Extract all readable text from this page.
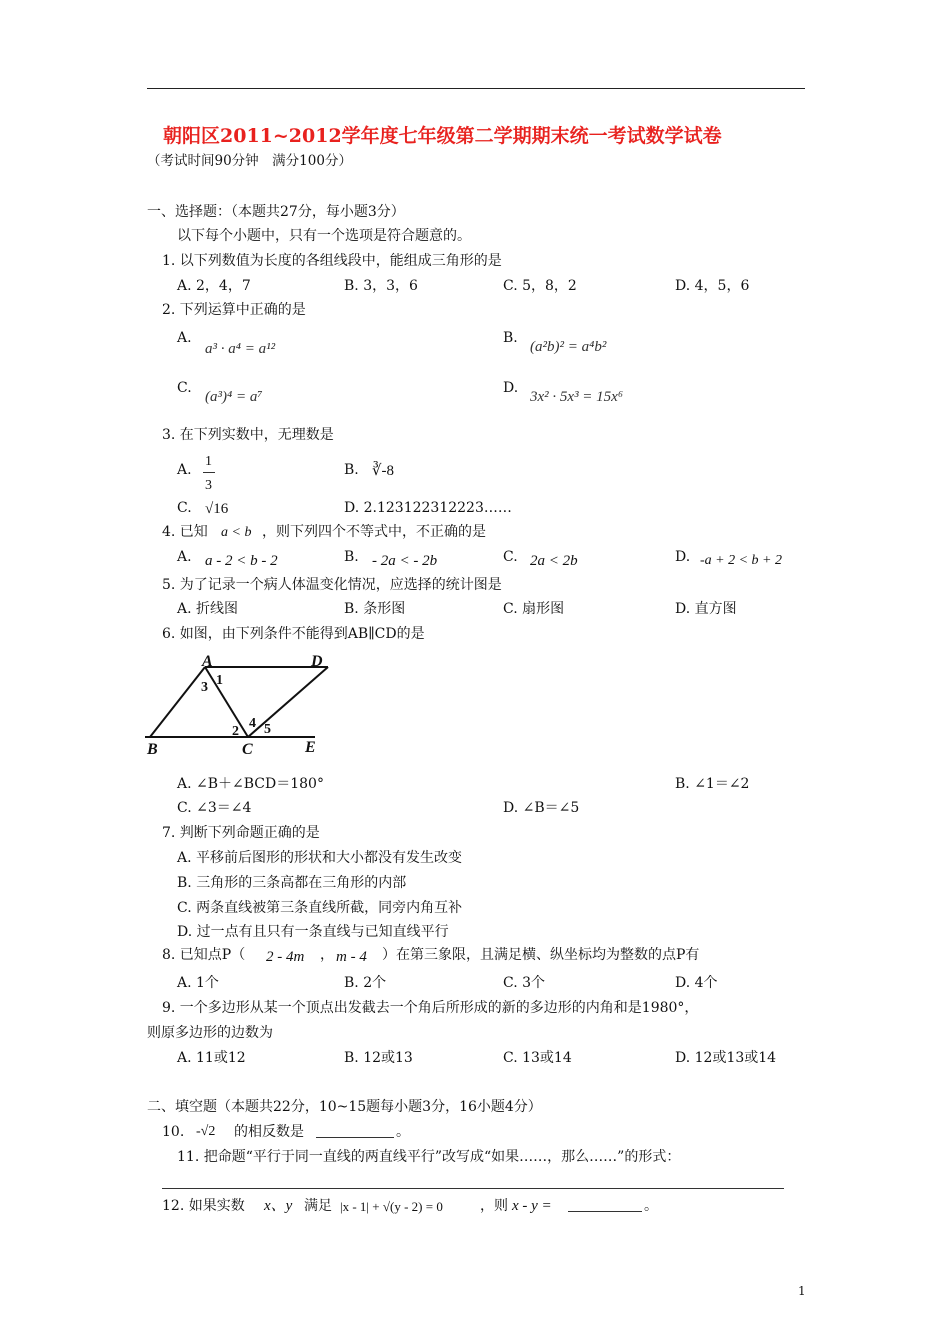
朝阳区2011~2012学年度七年级第二学期期末统一考试数学试卷
（考试时间90分钟　满分100分）
一、选择题：（本题共27分，每小题3分）
以下每个小题中，只有一个选项是符合题意的。
1. 以下列数值为长度的各组线段中，能组成三角形的是
A. 2，4，7	B. 3，3，6	C. 5，8，2	D. 4，5，6
2. 下列运算中正确的是
A.
a³ · a⁴ = a¹²
B.
(a²b)² = a⁴b²
C.
(a³)⁴ = a⁷
D.
3x² · 5x³ = 15x⁶
3. 在下列实数中，无理数是
A.
1
3
B. ∛-8
C. √16	D. 2.123122312223……
4. 已知 a < b ，则下列四个不等式中，不正确的是
A. a - 2 < b - 2	B. - 2a < - 2b	C. 2a < 2b	D. -a + 2 < b + 2
5. 为了记录一个病人体温变化情况，应选择的统计图是
A. 折线图	B. 条形图	C. 扇形图	D. 直方图
6. 如图，由下列条件不能得到AB∥CD的是
A	D
B	C	E
1
2
3
4 5
A. ∠B＋∠BCD＝180°	B. ∠1＝∠2
C. ∠3＝∠4	D. ∠B＝∠5
7. 判断下列命题正确的是
A. 平移前后图形的形状和大小都没有发生改变
B. 三角形的三条高都在三角形的内部
C. 两条直线被第三条直线所截，同旁内角互补
D. 过一点有且只有一条直线与已知直线平行
8. 已知点P（ 2 - 4m ， m - 4 ）在第三象限，且满足横、纵坐标均为整数的点P有
A. 1个	B. 2个	C. 3个	D. 4个
9. 一个多边形从某一个顶点出发截去一个角后所形成的新的多边形的内角和是1980°，
则原多边形的边数为
A. 11或12	B. 12或13	C. 13或14	D. 12或13或14
二、填空题（本题共22分，10~15题每小题3分，16小题4分）
10. -√2 的相反数是	。
11. 把命题“平行于同一直线的两直线平行”改写成“如果……，那么……”的形式：
12. 如果实数 x、y 满足 |x - 1| + √(y - 2) = 0	，则 x - y =	。
1
